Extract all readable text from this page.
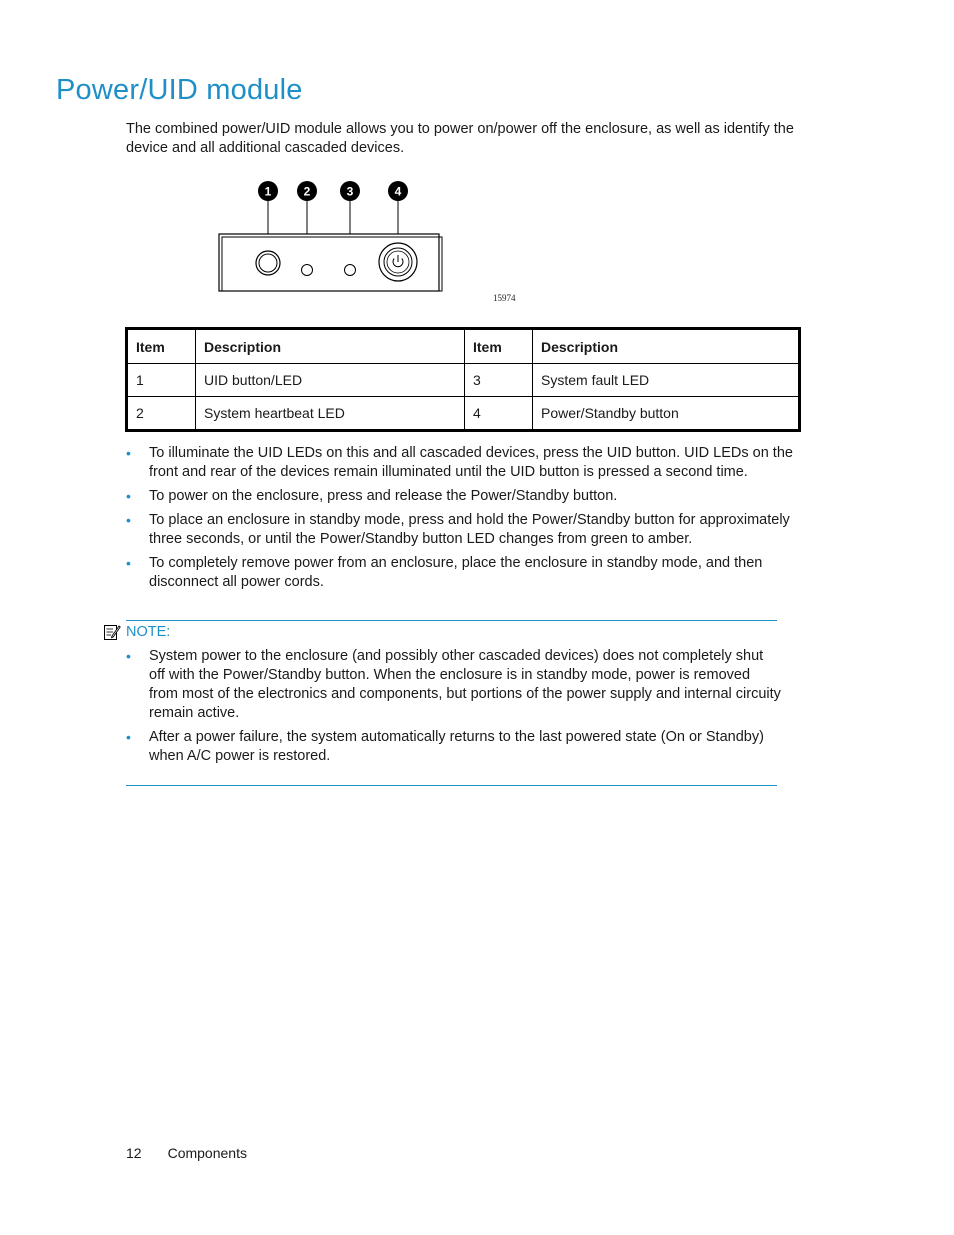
Power/UID module

The combined power/UID module allows you to power on/power off the enclosure, as well as identify the device and all additional cascaded devices.

1	2	3	4
15974
Item	Description	Item	Description
1	UID button/LED	3	System fault LED
2	System heartbeat LED	4	Power/Standby button
• To illuminate the UID LEDs on this and all cascaded devices, press the UID button. UID LEDs on the front and rear of the devices remain illuminated until the UID button is pressed a second time.
• To power on the enclosure, press and release the Power/Standby button.
• To place an enclosure in standby mode, press and hold the Power/Standby button for approximately three seconds, or until the Power/Standby button LED changes from green to amber.
• To completely remove power from an enclosure, place the enclosure in standby mode, and then disconnect all power cords.
NOTE:
• System power to the enclosure (and possibly other cascaded devices) does not completely shut off with the Power/Standby button. When the enclosure is in standby mode, power is removed from most of the electronics and components, but portions of the power supply and internal circuity remain active.
• After a power failure, the system automatically returns to the last powered state (On or Standby) when A/C power is restored.
12 Components
